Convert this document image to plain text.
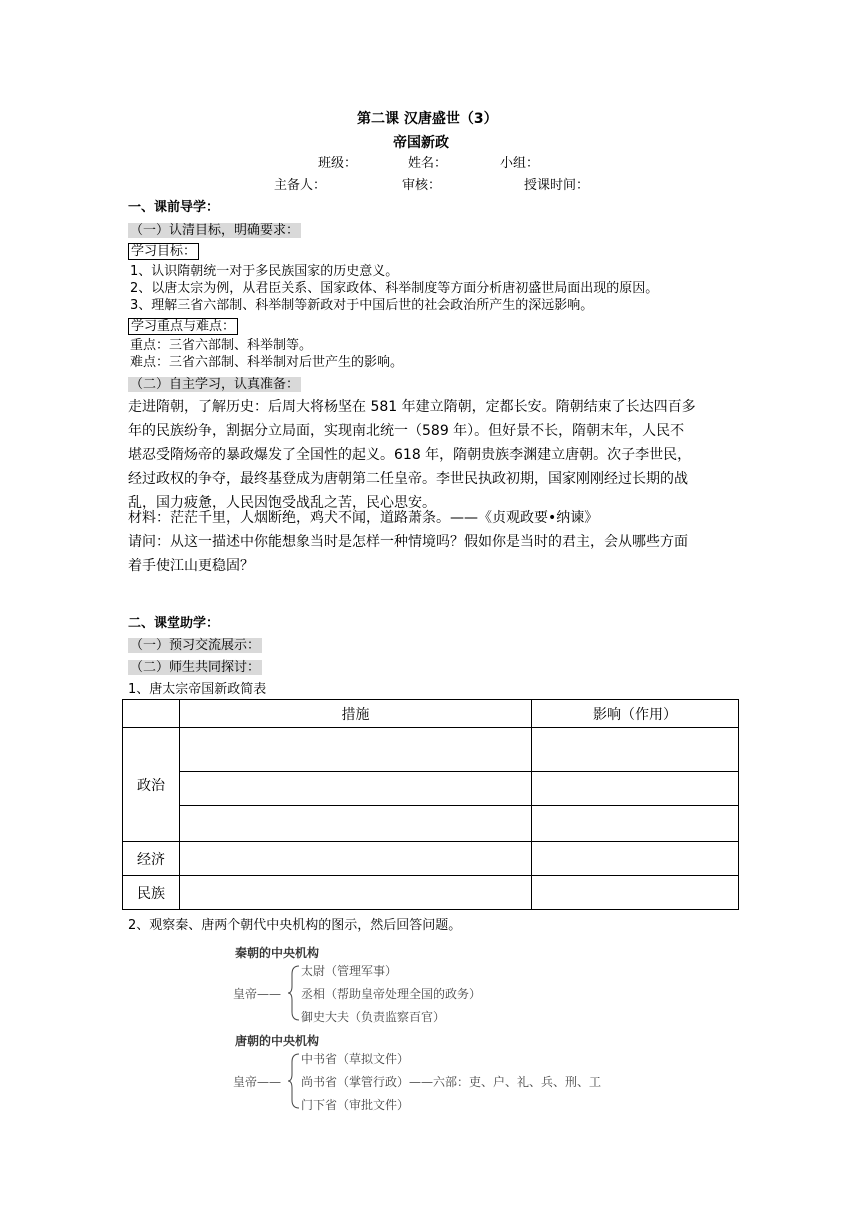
第二课 汉唐盛世（3）
帝国新政
班级：	姓名：	小组：
主备人：	审核：	授课时间：
一、课前导学：
（一）认清目标，明确要求：
学习目标：
1、认识隋朝统一对于多民族国家的历史意义。
2、以唐太宗为例，从君臣关系、国家政体、科举制度等方面分析唐初盛世局面出现的原因。
3、理解三省六部制、科举制等新政对于中国后世的社会政治所产生的深远影响。
学习重点与难点：
重点：三省六部制、科举制等。
难点：三省六部制、科举制对后世产生的影响。
（二）自主学习，认真准备：
走进隋朝，了解历史：后周大将杨坚在 581 年建立隋朝，定都长安。隋朝结束了长达四百多
年的民族纷争，割据分立局面，实现南北统一（589 年）。但好景不长，隋朝末年，人民不
堪忍受隋炀帝的暴政爆发了全国性的起义。618 年，隋朝贵族李渊建立唐朝。次子李世民，
经过政权的争夺，最终基登成为唐朝第二任皇帝。李世民执政初期，国家刚刚经过长期的战
乱，国力疲惫，人民因饱受战乱之苦，民心思安。
材料：茫茫千里，人烟断绝，鸡犬不闻，道路萧条。——《贞观政要•纳谏》
请问：从这一描述中你能想象当时是怎样一种情境吗？假如你是当时的君主，会从哪些方面
着手使江山更稳固？
二、课堂助学：
（一）预习交流展示：
（二）师生共同探讨：
1、唐太宗帝国新政简表
	措施	影响（作用）
政治		

经济		
民族		
2、观察秦、唐两个朝代中央机构的图示，然后回答问题。
秦朝的中央机构
皇帝——
太尉（管理军事）
丞相（帮助皇帝处理全国的政务）
御史大夫（负责监察百官）
唐朝的中央机构
皇帝——
中书省（草拟文件）
尚书省（掌管行政）——六部：吏、户、礼、兵、刑、工
门下省（审批文件）
